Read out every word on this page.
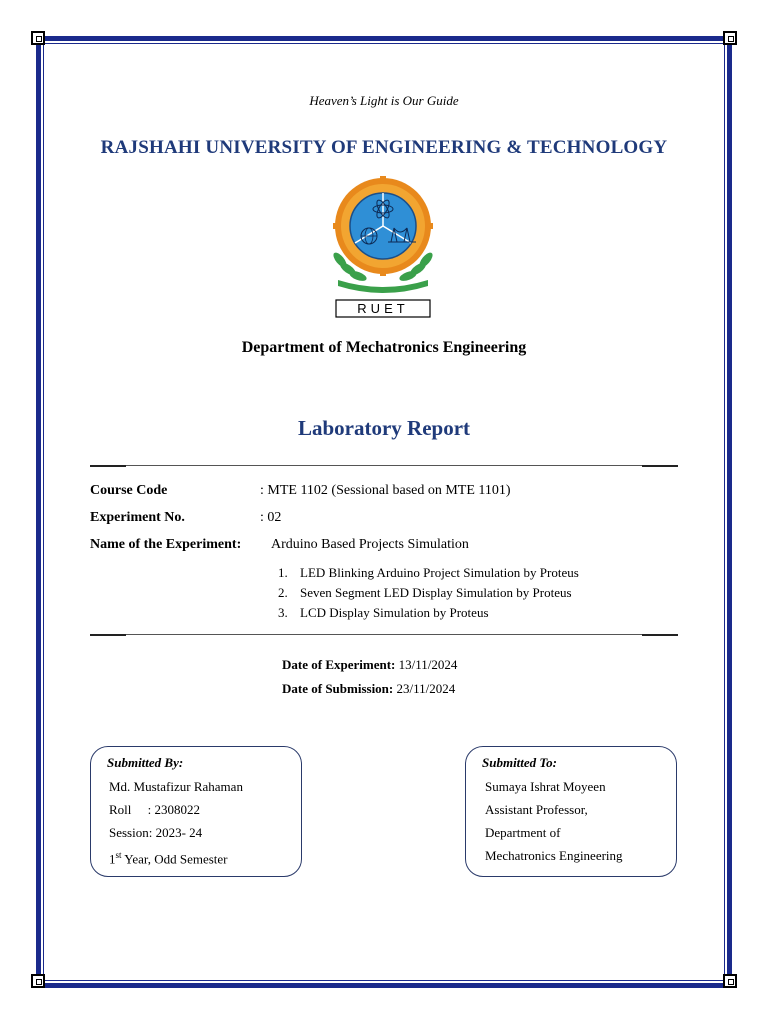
Heaven’s Light is Our Guide
RAJSHAHI UNIVERSITY OF ENGINEERING & TECHNOLOGY
RUET
Department of Mechatronics Engineering
Laboratory Report
Course Code	: MTE 1102 (Sessional based on MTE 1101)
Experiment No.	: 02
Name of the Experiment: Arduino Based Projects Simulation
1. LED Blinking Arduino Project Simulation by Proteus
2. Seven Segment LED Display Simulation by Proteus
3. LCD Display Simulation by Proteus
Date of Experiment: 13/11/2024
Date of Submission: 23/11/2024
Submitted By:
Md. Mustafizur Rahaman
Roll     : 2308022
Session: 2023- 24
1st Year, Odd Semester
Submitted To:
Sumaya Ishrat Moyeen
Assistant Professor,
Department of
Mechatronics Engineering
